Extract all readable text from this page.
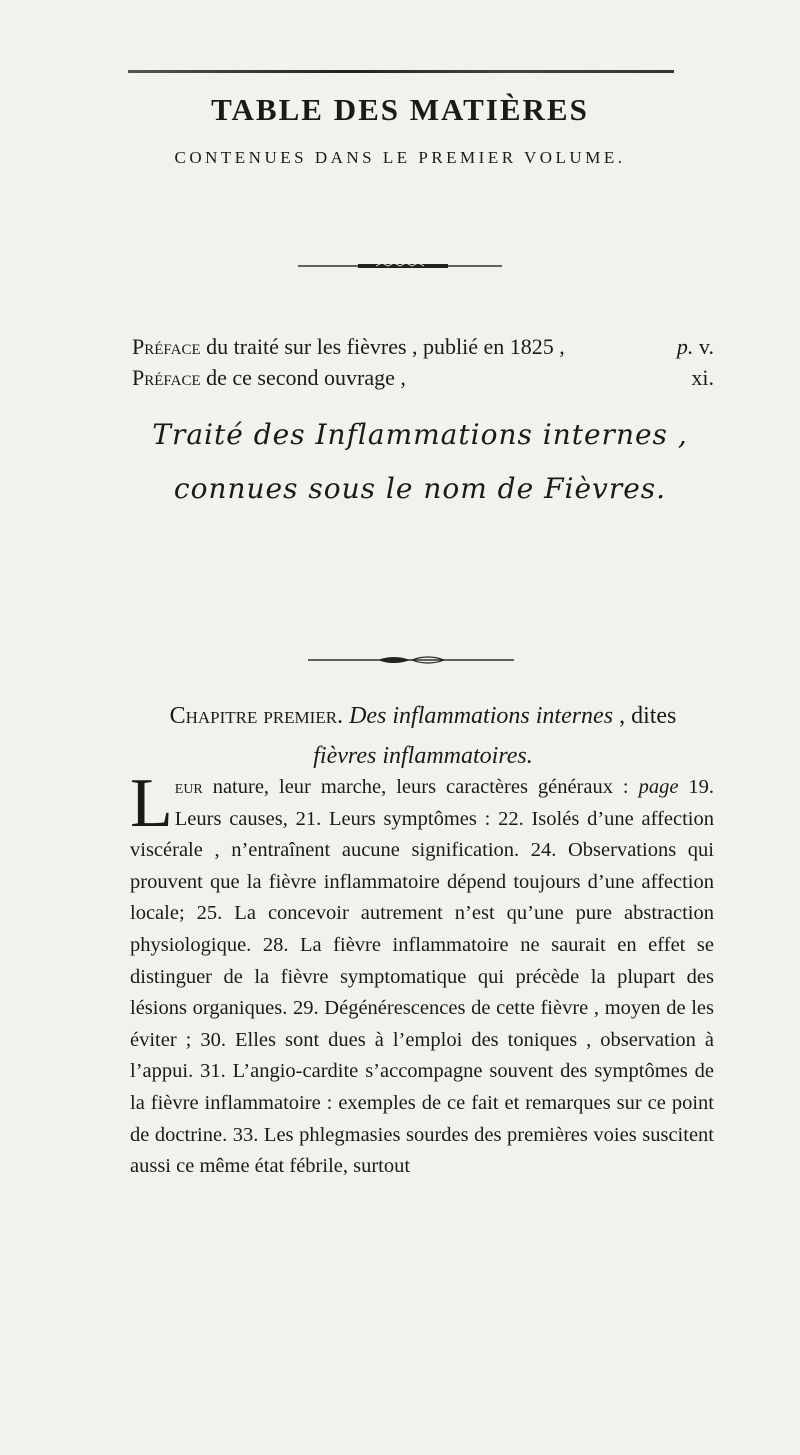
TABLE DES MATIÈRES
CONTENUES DANS LE PREMIER VOLUME.
Préface du traité sur les fièvres , publié en 1825 ,	p. v.
Préface de ce second ouvrage ,	xi.
Traité des Inflammations internes ,
connues sous le nom de Fièvres.
Chapitre premier. Des inflammations internes , dites
fièvres inflammatoires.
Leur nature, leur marche, leurs caractères généraux : page 19. Leurs causes, 21. Leurs symptômes : 22. Isolés d’une affection viscérale , n’entraînent aucune signification. 24. Observations qui prouvent que la fièvre inflammatoire dépend toujours d’une affection locale; 25. La concevoir autrement n’est qu’une pure abstraction physiologique. 28. La fièvre inflammatoire ne saurait en effet se distinguer de la fièvre symptomatique qui précède la plupart des lésions organiques. 29. Dégénérescences de cette fièvre , moyen de les éviter ; 30. Elles sont dues à l’emploi des toniques , observation à l’appui. 31. L’angio-cardite s’accompagne souvent des symptômes de la fièvre inflammatoire : exemples de ce fait et remarques sur ce point de doctrine. 33. Les phlegmasies sourdes des premières voies suscitent aussi ce même état fébrile, surtout
